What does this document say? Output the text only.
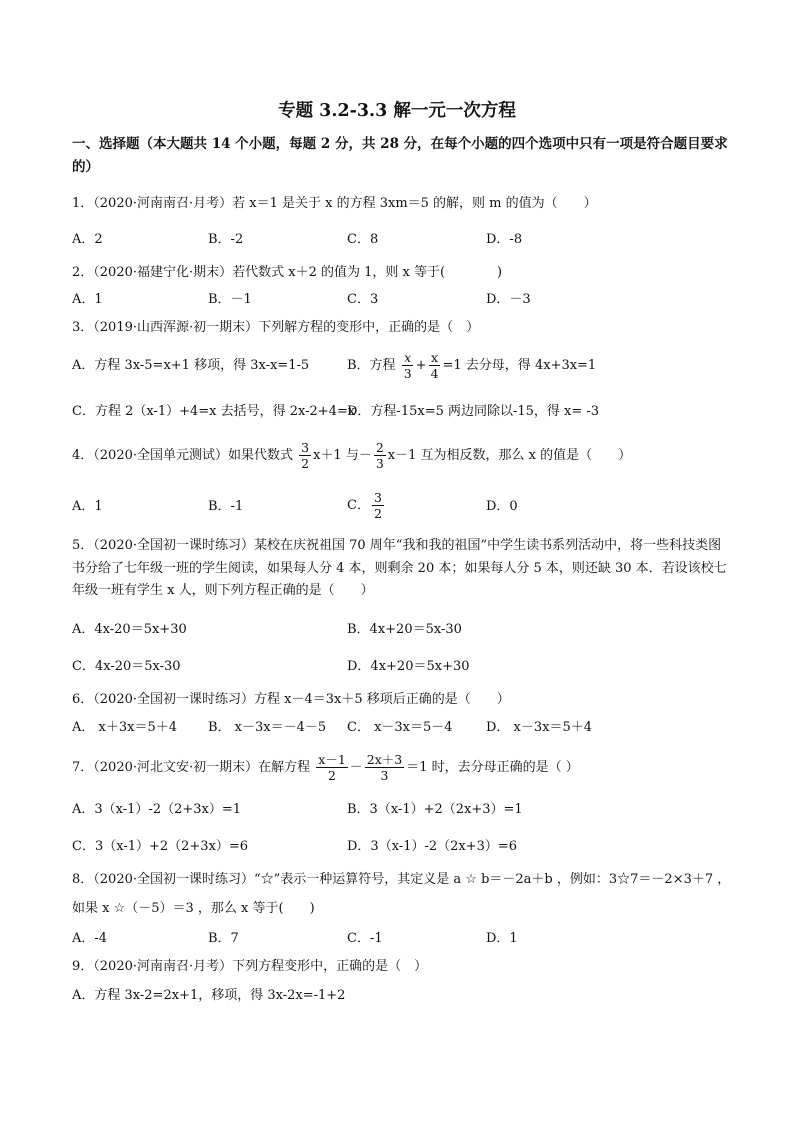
专题 3.2-3.3 解一元一次方程
一、选择题（本大题共 14 个小题，每题 2 分，共 28 分，在每个小题的四个选项中只有一项是符合题目要求的）
1．（2020·河南南召·月考）若 x＝1 是关于 x 的方程 3xm＝5 的解，则 m 的值为（　　）
A．2	B．-2	C．8	D．-8
2．（2020·福建宁化·期末）若代数式 x＋2 的值为 1，则 x 等于(　　　　)
A．1	B．－1	C．3	D．－3
3．（2019·山西浑源·初一期末）下列解方程的变形中，正确的是（　）
A．方程 3x-5=x+1 移项，得 3x-x=1-5	B．方程 $\frac{x}{3} + \frac{x}{4} =1$ 去分母，得 4x+3x=1
C．方程 2（x-1）+4=x 去括号，得 2x-2+4=x
D．方程-15x=5 两边同除以-15，得 x= -3
4．（2020·全国单元测试）如果代数式 $\frac{3}{2} x+1$ 与－ $\frac{2}{3} x-1$ 互为相反数，那么 x 的值是（　　）
A．1	B．-1	C． $\frac{3}{2}$	D．0
5．（2020·全国初一课时练习）某校在庆祝祖国 70 周年“我和我的祖国”中学生读书系列活动中，将一些科技类图书分给了七年级一班的学生阅读，如果每人分 4 本，则剩余 20 本；如果每人分 5 本，则还缺 30 本．若设该校七年级一班有学生 x 人，则下列方程正确的是（　　）
A．4x-20＝5x+30	B．4x+20＝5x-30
C．4x-20＝5x-30	D．4x+20＝5x+30
6．（2020·全国初一课时练习）方程 x－4＝3x＋5 移项后正确的是（　　）
A． x＋3x＝5＋4 B． x－3x＝－4－5 C． x－3x＝5－4	D． x－3x＝5＋4
7．（2020·河北文安·初一期末）在解方程 $\frac{x-1}{2} - \frac{2x+3}{3} =1$ 时，去分母正确的是（ ）
A．3（x-1）-2（2+3x）=1	B．3（x-1）+2（2x+3）=1
C．3（x-1）+2（2+3x）=6	D．3（x-1）-2（2x+3）=6
8．（2020·全国初一课时练习）“☆”表示一种运算符号，其定义是 a ☆ b＝－2a＋b ，例如：3☆7＝－2×3＋7 ，
如果 x ☆（－5）＝3 ，那么 x 等于(　　)
A．-4	B．7	C．-1	D．1
9．（2020·河南南召·月考）下列方程变形中，正确的是（　）
A．方程 3x-2=2x+1，移项，得 3x-2x=-1+2
